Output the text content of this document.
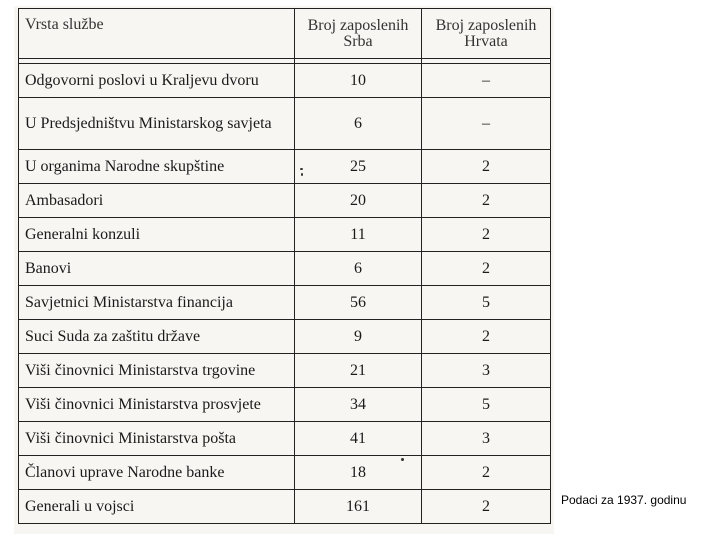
Vrsta službe	Broj zaposlenih Srba	Broj zaposlenih Hrvata

Odgovorni poslovi u Kraljevu dvoru	10	–
U Predsjedništvu Ministarskog savjeta	6	–
U organima Narodne skupštine	25	2
Ambasadori	20	2
Generalni konzuli	11	2
Banovi	6	2
Savjetnici Ministarstva financija	56	5
Suci Suda za zaštitu države	9	2
Viši činovnici Ministarstva trgovine	21	3
Viši činovnici Ministarstva prosvjete	34	5
Viši činovnici Ministarstva pošta	41	3
Članovi uprave Narodne banke	18	2
Generali u vojsci	161	2	Podaci za 1937. godinu
